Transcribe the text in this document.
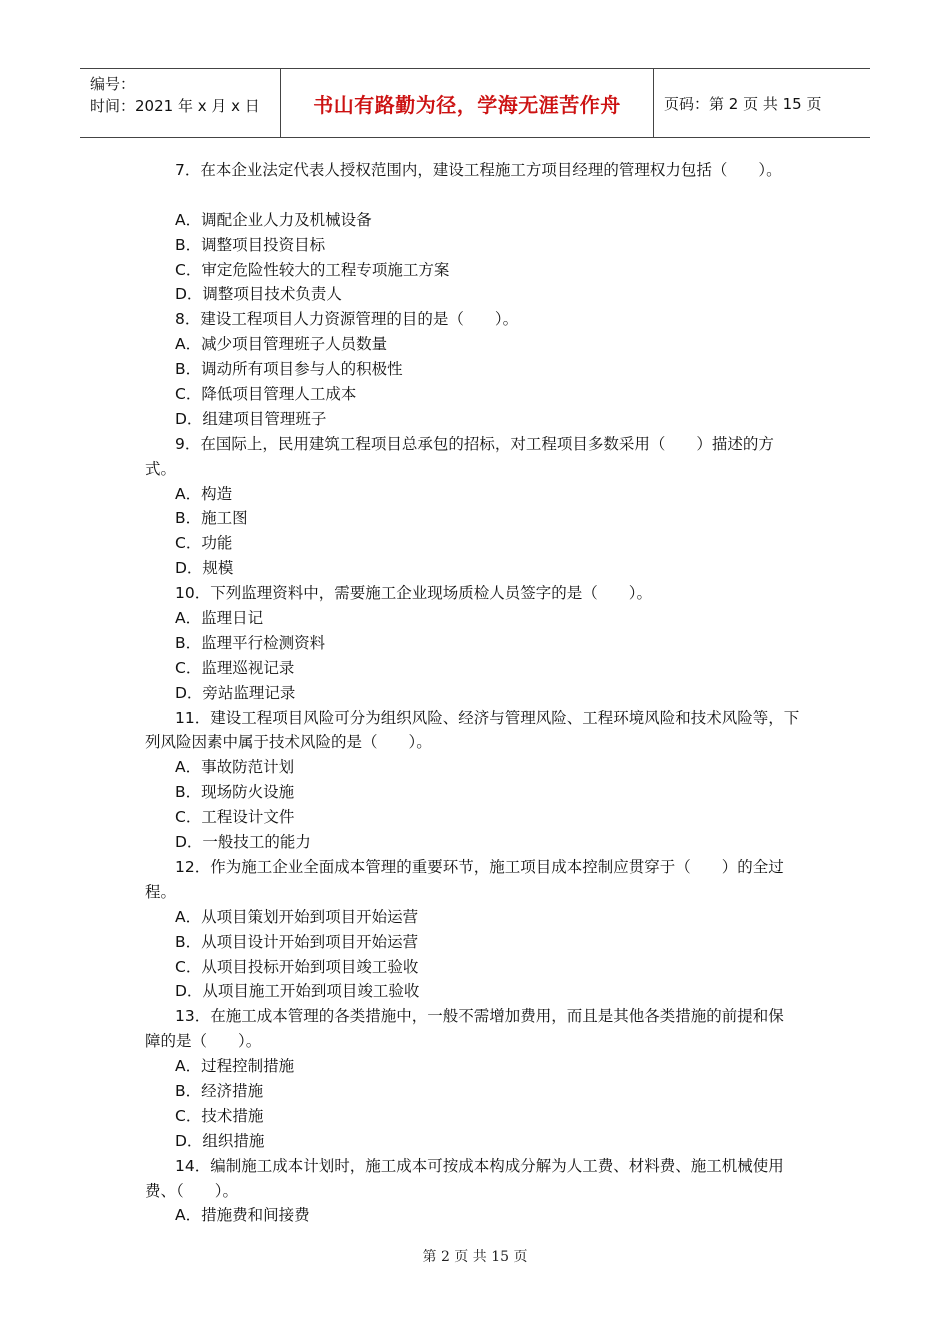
编号：
时间：2021 年 x 月 x 日	书山有路勤为径，学海无涯苦作舟	页码：第 2 页 共 15 页
7．在本企业法定代表人授权范围内，建设工程施工方项目经理的管理权力包括（　　）。
A．调配企业人力及机械设备
B．调整项目投资目标
C．审定危险性较大的工程专项施工方案
D．调整项目技术负责人
8．建设工程项目人力资源管理的目的是（　　）。
A．减少项目管理班子人员数量
B．调动所有项目参与人的积极性
C．降低项目管理人工成本
D．组建项目管理班子
9．在国际上，民用建筑工程项目总承包的招标，对工程项目多数采用（　　）描述的方
式。
A．构造
B．施工图
C．功能
D．规模
10．下列监理资料中，需要施工企业现场质检人员签字的是（　　）。
A．监理日记
B．监理平行检测资料
C．监理巡视记录
D．旁站监理记录
11．建设工程项目风险可分为组织风险、经济与管理风险、工程环境风险和技术风险等，下
列风险因素中属于技术风险的是（　　）。
A．事故防范计划
B．现场防火设施
C．工程设计文件
D．一般技工的能力
12．作为施工企业全面成本管理的重要环节，施工项目成本控制应贯穿于（　　）的全过
程。
A．从项目策划开始到项目开始运营
B．从项目设计开始到项目开始运营
C．从项目投标开始到项目竣工验收
D．从项目施工开始到项目竣工验收
13．在施工成本管理的各类措施中，一般不需增加费用，而且是其他各类措施的前提和保
障的是（　　）。
A．过程控制措施
B．经济措施
C．技术措施
D．组织措施
14．编制施工成本计划时，施工成本可按成本构成分解为人工费、材料费、施工机械使用
费、（　　）。
A．措施费和间接费
第 2 页 共 15 页
